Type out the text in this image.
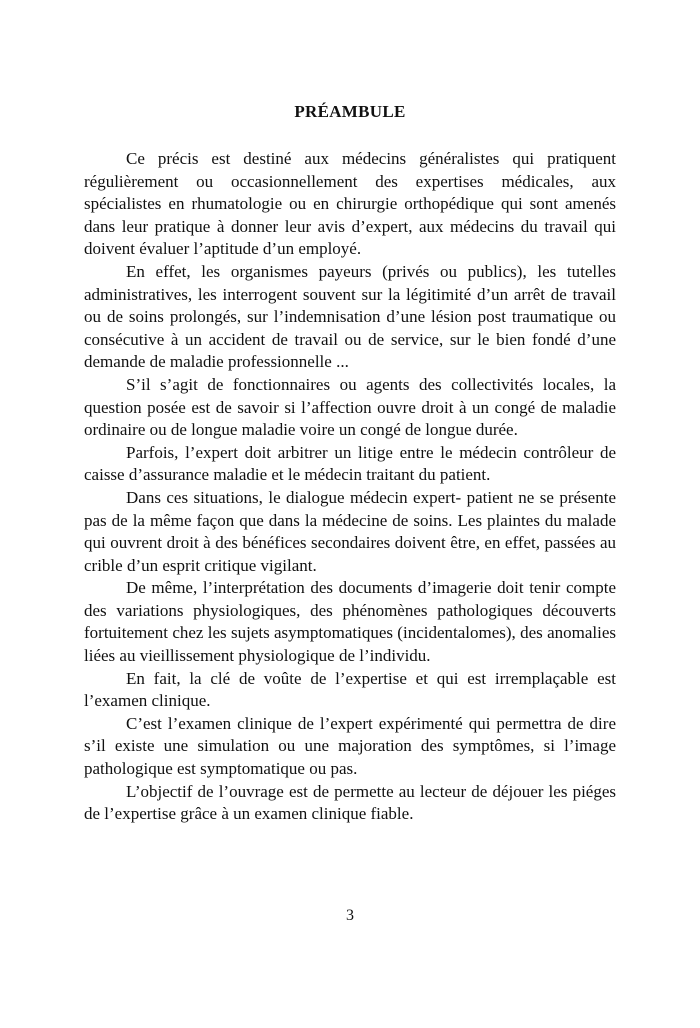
PRÉAMBULE

Ce précis est destiné aux médecins généralistes qui pratiquent régulièrement ou occasionnellement des expertises médicales, aux spécialistes en rhumatologie ou en chirurgie orthopédique qui sont amenés dans leur pratique à donner leur avis d’expert, aux médecins du travail qui doivent évaluer l’aptitude d’un employé.

En effet, les organismes payeurs (privés ou publics), les tutelles administratives, les interrogent souvent sur la légitimité d’un arrêt de travail ou de soins prolongés, sur l’indemnisation d’une lésion post traumatique ou consécutive à un accident de travail ou de service, sur le bien fondé d’une demande de maladie professionnelle ...

S’il s’agit de fonctionnaires ou agents des collectivités locales, la question posée est de savoir si l’affection ouvre droit à un congé de maladie ordinaire ou de longue maladie voire un congé de longue durée.

Parfois, l’expert doit arbitrer un litige entre le médecin contrôleur de caisse d’assurance maladie et le médecin traitant du patient.

Dans ces situations, le dialogue médecin expert- patient ne se présente pas de la même façon que dans la médecine de soins. Les plaintes du malade qui ouvrent droit à des bénéfices secondaires doivent être, en effet, passées au crible d’un esprit critique vigilant.

De même, l’interprétation des documents d’imagerie doit tenir compte des variations physiologiques, des phénomènes pathologiques découverts fortuitement chez les sujets asymptomatiques (incidentalomes), des anomalies liées au vieillissement physiologique de l’individu.

En fait, la clé de voûte de l’expertise et qui est irremplaçable est l’examen clinique.

C’est l’examen clinique de l’expert expérimenté qui permettra de dire s’il existe une simulation ou une majoration des symptômes, si l’image pathologique est symptomatique ou pas.

L’objectif de l’ouvrage est de permette au lecteur de déjouer les piéges de l’expertise grâce à un examen clinique fiable.

3
